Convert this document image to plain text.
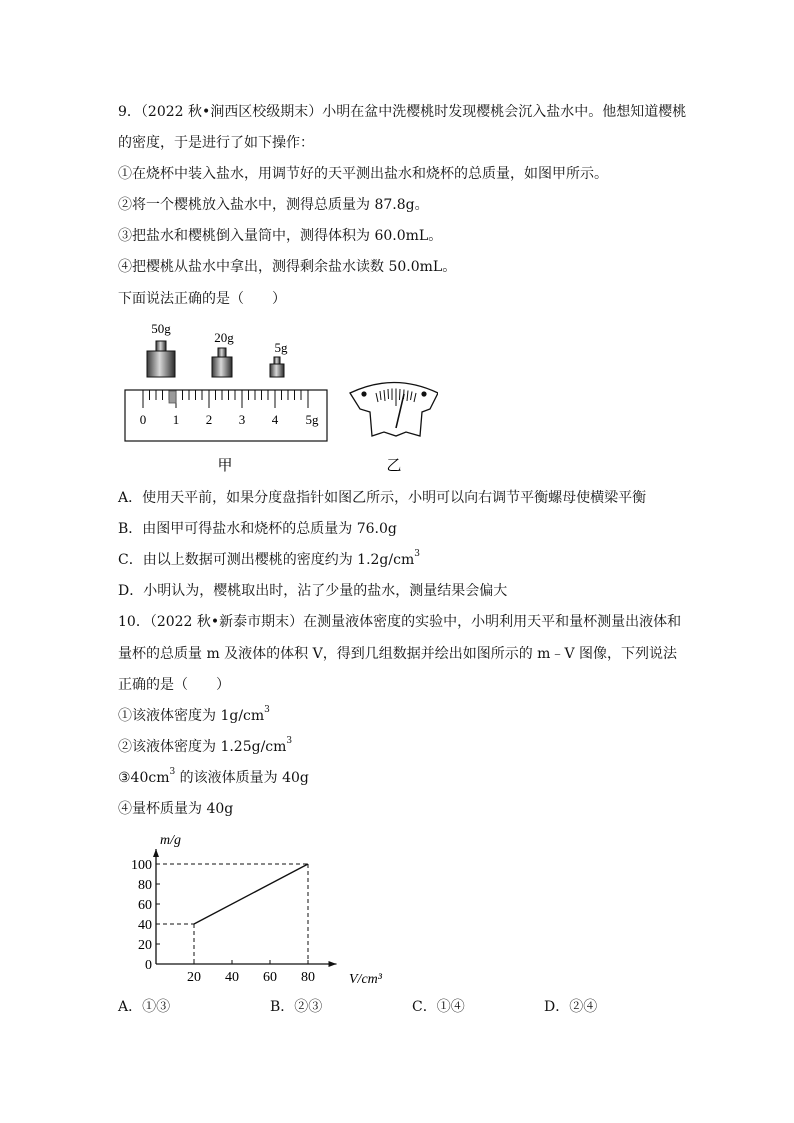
9．（2022 秋•涧西区校级期末）小明在盆中洗樱桃时发现樱桃会沉入盐水中。他想知道樱桃
的密度，于是进行了如下操作：
①在烧杯中装入盐水，用调节好的天平测出盐水和烧杯的总质量，如图甲所示。
②将一个樱桃放入盐水中，测得总质量为 87.8g。
③把盐水和樱桃倒入量筒中，测得体积为 60.0mL。
④把樱桃从盐水中拿出，测得剩余盐水读数 50.0mL。
下面说法正确的是（　　）
50g
20g
5g
0 1 2 3 4 5g
甲	乙
A．使用天平前，如果分度盘指针如图乙所示，小明可以向右调节平衡螺母使横梁平衡
B．由图甲可得盐水和烧杯的总质量为 76.0g
C．由以上数据可测出樱桃的密度约为 $1.2g/cm^3$
D．小明认为，樱桃取出时，沾了少量的盐水，测量结果会偏大
10．（2022 秋•新泰市期末）在测量液体密度的实验中，小明利用天平和量杯测量出液体和
量杯的总质量 m 及液体的体积 V，得到几组数据并绘出如图所示的 m﹣V 图像，下列说法
正确的是（　　）
①该液体密度为 $1g/cm^3$
②该液体密度为 $1.25g/cm^3$
$③40cm^3$ 的该液体质量为 40g
④量杯质量为 40g
0
20
40
60
80
100
20 40 60 80
m/g
V/cm³
A．①③	B．②③	C．①④	D．②④
